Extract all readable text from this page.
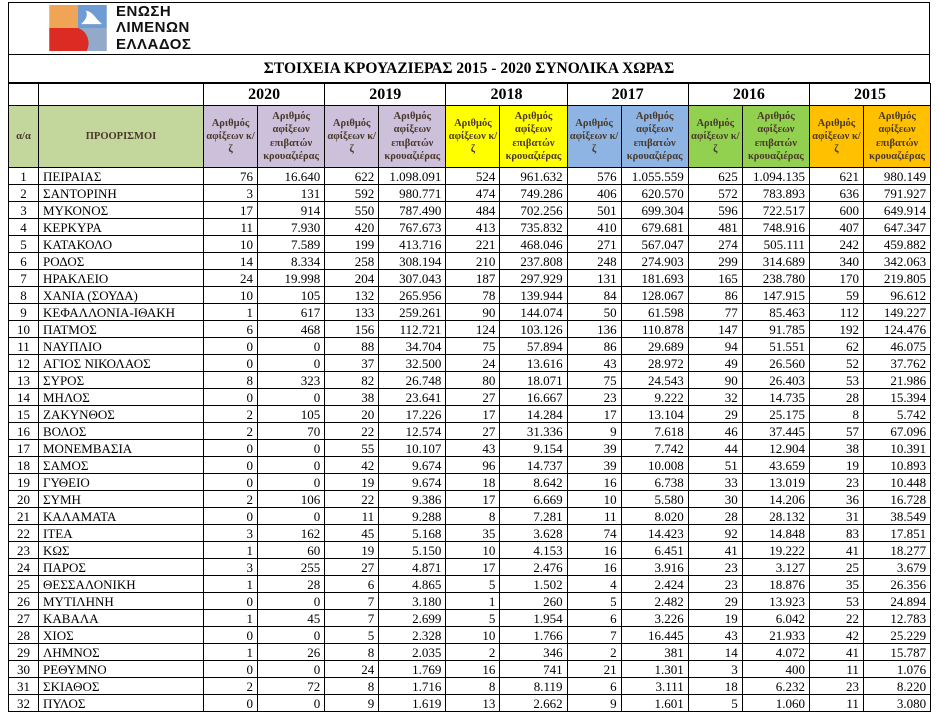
ΕΝΩΣΗ
ΛΙΜΕΝΩΝ
ΕΛΛΑΔΟΣ
ΣΤΟΙΧΕΙΑ ΚΡΟΥΑΖΙΕΡΑΣ 2015 - 2020 ΣΥΝΟΛΙΚΑ ΧΩΡΑΣ
		2020		2019		2018		2017		2016		2015	
α/α	ΠΡΟΟΡΙΣΜΟΙ	Αριθμός αφίξεων κ/ζ	Αριθμός αφίξεων επιβατών κρουαζιέρας	Αριθμός αφίξεων κ/ζ	Αριθμός αφίξεων επιβατών κρουαζιέρας	Αριθμός αφίξεων κ/ζ	Αριθμός αφίξεων επιβατών κρουαζιέρας	Αριθμός αφίξεων κ/ζ	Αριθμός αφίξεων επιβατών κρουαζιέρας	Αριθμός αφίξεων κ/ζ	Αριθμός αφίξεων επιβατών κρουαζιέρας	Αριθμός αφίξεων κ/ζ	Αριθμός αφίξεων επιβατών κρουαζιέρας
1	ΠΕΙΡΑΙΑΣ	76	16.640	622	1.098.091	524	961.632	576	1.055.559	625	1.094.135	621	980.149
2	ΣΑΝΤΟΡΙΝΗ	3	131	592	980.771	474	749.286	406	620.570	572	783.893	636	791.927
3	ΜΥΚΟΝΟΣ	17	914	550	787.490	484	702.256	501	699.304	596	722.517	600	649.914
4	ΚΕΡΚΥΡΑ	11	7.930	420	767.673	413	735.832	410	679.681	481	748.916	407	647.347
5	ΚΑΤΑΚΟΛΟ	10	7.589	199	413.716	221	468.046	271	567.047	274	505.111	242	459.882
6	ΡΟΔΟΣ	14	8.334	258	308.194	210	237.808	248	274.903	299	314.689	340	342.063
7	ΗΡΑΚΛΕΙΟ	24	19.998	204	307.043	187	297.929	131	181.693	165	238.780	170	219.805
8	ΧΑΝΙΑ (ΣΟΥΔΑ)	10	105	132	265.956	78	139.944	84	128.067	86	147.915	59	96.612
9	ΚΕΦΑΛΛΟΝΙΑ-ΙΘΑΚΗ	1	617	133	259.261	90	144.074	50	61.598	77	85.463	112	149.227
10	ΠΑΤΜΟΣ	6	468	156	112.721	124	103.126	136	110.878	147	91.785	192	124.476
11	ΝΑΥΠΛΙΟ	0	0	88	34.704	75	57.894	86	29.689	94	51.551	62	46.075
12	ΑΓΙΟΣ ΝΙΚΟΛΑΟΣ	0	0	37	32.500	24	13.616	43	28.972	49	26.560	52	37.762
13	ΣΥΡΟΣ	8	323	82	26.748	80	18.071	75	24.543	90	26.403	53	21.986
14	ΜΗΛΟΣ	0	0	38	23.641	27	16.667	23	9.222	32	14.735	28	15.394
15	ΖΑΚΥΝΘΟΣ	2	105	20	17.226	17	14.284	17	13.104	29	25.175	8	5.742
16	ΒΟΛΟΣ	2	70	22	12.574	27	31.336	9	7.618	46	37.445	57	67.096
17	ΜΟΝΕΜΒΑΣΙΑ	0	0	55	10.107	43	9.154	39	7.742	44	12.904	38	10.391
18	ΣΑΜΟΣ	0	0	42	9.674	96	14.737	39	10.008	51	43.659	19	10.893
19	ΓΥΘΕΙΟ	0	0	19	9.674	18	8.642	16	6.738	33	13.019	23	10.448
20	ΣΥΜΗ	2	106	22	9.386	17	6.669	10	5.580	30	14.206	36	16.728
21	ΚΑΛΑΜΑΤΑ	0	0	11	9.288	8	7.281	11	8.020	28	28.132	31	38.549
22	ΙΤΕΑ	3	162	45	5.168	35	3.628	74	14.423	92	14.848	83	17.851
23	ΚΩΣ	1	60	19	5.150	10	4.153	16	6.451	41	19.222	41	18.277
24	ΠΑΡΟΣ	3	255	27	4.871	17	2.476	16	3.916	23	3.127	25	3.679
25	ΘΕΣΣΑΛΟΝΙΚΗ	1	28	6	4.865	5	1.502	4	2.424	23	18.876	35	26.356
26	ΜΥΤΙΛΗΝΗ	0	0	7	3.180	1	260	5	2.482	29	13.923	53	24.894
27	ΚΑΒΑΛΑ	1	45	7	2.699	5	1.954	6	3.226	19	6.042	22	12.783
28	ΧΙΟΣ	0	0	5	2.328	10	1.766	7	16.445	43	21.933	42	25.229
29	ΛΗΜΝΟΣ	1	26	8	2.035	2	346	2	381	14	4.072	41	15.787
30	ΡΕΘΥΜΝΟ	0	0	24	1.769	16	741	21	1.301	3	400	11	1.076
31	ΣΚΙΑΘΟΣ	2	72	8	1.716	8	8.119	6	3.111	18	6.232	23	8.220
32	ΠΥΛΟΣ	0	0	9	1.619	13	2.662	9	1.601	5	1.060	11	3.080
